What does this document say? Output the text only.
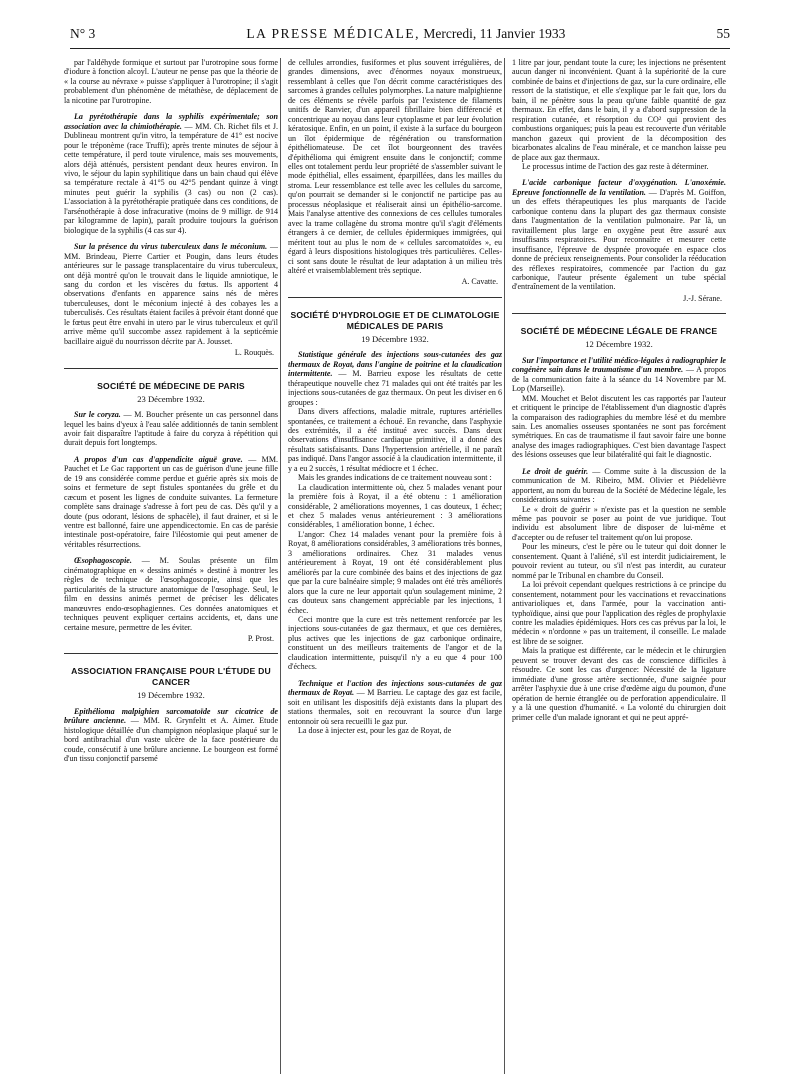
N° 3	LA PRESSE MÉDICALE, Mercredi, 11 Janvier 1933	55

par l'aldéhyde formique et surtout par l'urotropine sous forme d'iodure à fonction alcoyl. L'auteur ne pense pas que la théorie de « la course au névraxe » puisse s'appliquer à l'urotropine; il s'agit probablement d'un phénomène de métathèse, de déplacement de la nicotine par l'urotropine.

La pyrétothérapie dans la syphilis expérimentale; son association avec la chimiothérapie. — MM. Ch. Richet fils et J. Dublineau montrent qu'in vitro, la température de 41° est nocive pour le tréponème (race Truffi); après trente minutes de séjour à cette température, il perd toute virulence, mais ses mouvements, alors déjà atténués, persistent pendant deux heures environ. In vivo, le séjour du lapin syphilitique dans un bain chaud qui élève sa température rectale à 41°5 ou 42°5 pendant quinze à vingt minutes peut guérir la syphilis (3 cas) ou non (2 cas). L'association à la pyrétothérapie pratiquée dans ces conditions, de l'arsénothérapie à dose infracurative (moins de 9 milligr. de 914 par kilogramme de lapin), paraît produire toujours la guérison biologique de la syphilis (4 cas sur 4).

Sur la présence du virus tuberculeux dans le méconium. — MM. Brindeau, Pierre Cartier et Pougin, dans leurs études antérieures sur le passage transplacentaire du virus tuberculeux, ont déjà montré qu'on le trouvait dans le liquide amniotique, le sang du cordon et les viscères du fœtus. Ils apportent 4 observations d'enfants en apparence sains nés de mères tuberculeuses, dont le méconium injecté à des cobayes les a tuberculisés. Ces résultats étaient faciles à prévoir étant donné que le fœtus peut être envahi in utero par le virus tuberculeux et qu'il arrive même qu'il succombe assez rapidement à la septicémie bacillaire aiguë du nourrisson décrite par A. Jousset.

L. Rouquès.
SOCIÉTÉ DE MÉDECINE DE PARIS
23 Décembre 1932.

Sur le coryza. — M. Boucher présente un cas personnel dans lequel les bains d'yeux à l'eau salée additionnés de tanin semblent avoir fait disparaître l'aptitude à faire du coryza à répétition qui durait depuis fort longtemps.

A propos d'un cas d'appendicite aiguë grave. — MM. Pauchet et Le Gac rapportent un cas de guérison d'une jeune fille de 19 ans considérée comme perdue et guérie après six mois de soins et fermeture de sept fistules spontanées du grêle et du cæcum et posent les lignes de conduite suivantes. La fermeture complète sans drainage s'adresse à fort peu de cas. Dès qu'il y a doute (pus odorant, lésions de sphacèle), il faut drainer, et si le ventre est ballonné, faire une appendicectomie. En cas de parésie intestinale post-opératoire, faire l'iléostomie qui peut amener de véritables résurrections.

Œsophagoscopie. — M. Soulas présente un film cinématographique en « dessins animés » destiné à montrer les règles de technique de l'œsophagoscopie, ainsi que les particularités de la structure anatomique de l'œsophage. Seul, le film en dessins animés permet de préciser les délicates manœuvres endo-œsophagiennes. Ces données anatomiques et techniques peuvent expliquer certains accidents, et, dans une certaine mesure, permettre de les éviter.

P. Prost.
ASSOCIATION FRANÇAISE POUR L'ÉTUDE DU CANCER
19 Décembre 1932.

Epithélioma malpighien sarcomatoïde sur cicatrice de brûlure ancienne. — MM. R. Grynfeltt et A. Aimer. Etude histologique détaillée d'un champignon néoplasique plaqué sur le bord antibrachial d'un vaste ulcère de la face postérieure du coude, consécutif à une brûlure ancienne. Le bourgeon est formé d'un tissu conjonctif parsemé

de cellules arrondies, fusiformes et plus souvent irrégulières, de grandes dimensions, avec d'énormes noyaux monstrueux, ressemblant à celles que l'on décrit comme caractéristiques des sarcomes à grandes cellules polymorphes. La nature malpighienne de ces éléments se révèle parfois par l'existence de filaments unitifs de Ranvier, d'un appareil fibrillaire bien différencié et concentrique au noyau dans leur cytoplasme et par leur évolution kératosique. Enfin, en un point, il existe à la surface du bourgeon un îlot épidermique de régénération ou transformation épithéliomateuse. De cet îlot bourgeonnent des travées d'épithélioma qui émigrent ensuite dans le conjonctif; comme elles ont totalement perdu leur propriété de s'assembler suivant le mode épithélial, elles essaiment, éparpillées, dans les mailles du stroma. Leur ressemblance est telle avec les cellules du sarcome, qu'on pourrait se demander si le conjonctif ne participe pas au processus néoplasique et réaliserait ainsi un épithélio-sarcome. Mais l'analyse attentive des connexions de ces cellules tumorales avec la trame collagène du stroma montre qu'il s'agit d'éléments étrangers à ce dernier, de cellules épidermiques immigrées, qui méritent tout au plus le nom de « cellules sarcomatoïdes », eu égard à leurs dispositions histologiques très particulières. Celles-ci sont sans doute le résultat de leur adaptation à un milieu très altéré et vraisemblablement très septique.

A. Cavatte.
SOCIÉTÉ D'HYDROLOGIE ET DE CLIMATOLOGIE MÉDICALES DE PARIS
19 Décembre 1932.

Statistique générale des injections sous-cutanées des gaz thermaux de Royat, dans l'angine de poitrine et la claudication intermittente. — M. Barrieu expose les résultats de cette thérapeutique nouvelle chez 71 malades qui ont été traités par les injections sous-cutanées de gaz thermaux. On peut les diviser en 6 groupes :

Dans divers affections, maladie mitrale, ruptures artérielles spontanées, ce traitement a échoué. En revanche, dans l'asphyxie des extrémités, il a été institué avec succès. Dans deux observations d'insuffisance cardiaque primitive, il a donné des résultats satisfaisants. Dans l'hypertension artérielle, il ne paraît pas indiqué. Dans l'angor associé à la claudication intermittente, il y a eu 2 succès, 1 résultat médiocre et 1 échec.

Mais les grandes indications de ce traitement nouveau sont :

La claudication intermittente où, chez 5 malades venant pour la première fois à Royat, il a été obtenu : 1 amélioration considérable, 2 améliorations moyennes, 1 cas douteux, 1 échec; et chez 5 malades venus antérieurement : 3 améliorations considérables, 1 amélioration bonne, 1 échec.

L'angor: Chez 14 malades venant pour la première fois à Royat, 8 améliorations considérables, 3 améliorations très bonnes, 3 améliorations ordinaires. Chez 31 malades venus antérieurement à Royat, 19 ont été considérablement plus améliorés par la cure combinée des bains et des injections de gaz que par la cure balnéaire simple; 9 malades ont été très améliorés alors que la cure ne leur apportait qu'un soulagement minime, 2 cas douteux sans changement appréciable par les injections, 1 échec.

Ceci montre que la cure est très nettement renforcée par les injections sous-cutanées de gaz thermaux, et que ces dernières, plus actives que les injections de gaz carbonique ordinaire, constituent un des meilleurs traitements de l'angor et de la claudication intermittente, puisqu'il n'y a eu que 4 pour 100 d'échecs.

Technique et l'action des injections sous-cutanées de gaz thermaux de Royat. — M Barrieu. Le captage des gaz est facile, soit en utilisant les dispositifs déjà existants dans la plupart des stations thermales, soit en recouvrant la source d'un large entonnoir où sera recueilli le gaz pur.

La dose à injecter est, pour les gaz de Royat, de

1 litre par jour, pendant toute la cure; les injections ne présentent aucun danger ni inconvénient. Quant à la supériorité de la cure combinée de bains et d'injections de gaz, sur la cure ordinaire, elle ressort de la statistique, et elle s'explique par le fait que, lors du bain, il ne pénètre sous la peau qu'une faible quantité de gaz thermaux. En effet, dans le bain, il y a d'abord suppression de la respiration cutanée, et résorption du CO² qui provient des combustions organiques; puis la peau est recouverte d'un véritable manchon gazeux qui provient de la décomposition des bicarbonates alcalins de l'eau minérale, et ce manchon laisse peu de place aux gaz thermaux.

Le processus intime de l'action des gaz reste à déterminer.

L'acide carbonique facteur d'oxygénation. L'anoxémie. Epreuve fonctionnelle de la ventilation. — D'après M. Goiffon, un des effets thérapeutiques les plus marquants de l'acide carbonique contenu dans la plupart des gaz thermaux consiste dans l'augmentation de la ventilation pulmonaire. Par là, un ravitaillement plus large en oxygène peut être assuré aux insuffisants respiratoires. Pour reconnaître et mesurer cette insuffisance, l'épreuve de dyspnée provoquée en espace clos donne de précieux renseignements. Pour consolider la rééducation des réflexes respiratoires, commencée par l'action du gaz carbonique, l'auteur présente également un tube spécial d'entraînement de la ventilation.

J.-J. Sérane.
SOCIÉTÉ DE MÉDECINE LÉGALE DE FRANCE
12 Décembre 1932.

Sur l'importance et l'utilité médico-légales à radiographier le congénère sain dans le traumatisme d'un membre. — A propos de la communication faite à la séance du 14 Novembre par M. Lop (Marseille).

MM. Mouchet et Belot discutent les cas rapportés par l'auteur et critiquent le principe de l'établissement d'un diagnostic d'après la comparaison des radiographies du membre lésé et du membre sain. Les anomalies osseuses spontanées ne sont pas forcément symétriques. En cas de traumatisme il faut savoir faire une bonne analyse des images radiographiques. C'est bien davantage l'aspect des lésions osseuses que leur bilatéralité qui fait le diagnostic.

Le droit de guérir. — Comme suite à la discussion de la communication de M. Ribeiro, MM. Olivier et Piédelièvre apportent, au nom du bureau de la Société de Médecine légale, les considérations suivantes :

Le « droit de guérir » n'existe pas et la question ne semble même pas pouvoir se poser au point de vue juridique. Tout individu est absolument libre de disposer de lui-même et d'accepter ou de refuser tel traitement qu'on lui propose.

Pour les mineurs, c'est le père ou le tuteur qui doit donner le consentement. Quant à l'aliéné, s'il est interdit judiciairement, le pouvoir revient au tuteur, ou s'il n'est pas interdit, au curateur nommé par le Tribunal en chambre du Conseil.

La loi prévoit cependant quelques restrictions à ce principe du consentement, notamment pour les vaccinations et revaccinations antivarioliques et, dans l'armée, pour la vaccination anti-typhoïdique, ainsi que pour l'application des règles de prophylaxie contre les maladies épidémiques. Hors ces cas prévus par la loi, le médecin « n'ordonne » pas un traitement, il conseille. Le malade est libre de se soigner.

Mais la pratique est différente, car le médecin et le chirurgien peuvent se trouver devant des cas de conscience difficiles à résoudre. Ce sont les cas d'urgence: Nécessité de la ligature immédiate d'une grosse artère sectionnée, d'une saignée pour arrêter l'asphyxie due à une crise d'œdème aigu du poumon, d'une opération de hernie étranglée ou de perforation appendiculaire. Il y a là une question d'humanité. « La volonté du chirurgien doit primer celle d'un malade ignorant et qui ne peut appré-
